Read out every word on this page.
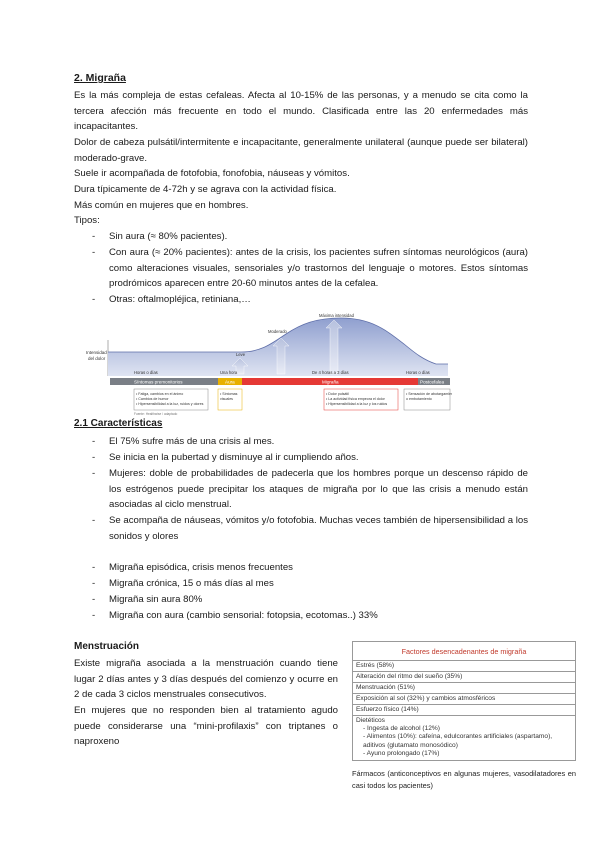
2. Migraña
Es la más compleja de estas cefaleas. Afecta al 10-15% de las personas, y a menudo se cita como la tercera afección más frecuente en todo el mundo. Clasificada entre las 20 enfermedades más incapacitantes.
Dolor de cabeza pulsátil/intermitente e incapacitante, generalmente unilateral (aunque puede ser bilateral) moderado-grave.
Suele ir acompañada de fotofobia, fonofobia, náuseas y vómitos.
Dura típicamente de 4-72h y se agrava con la actividad física.
Más común en mujeres que en hombres.
Tipos:
- Sin aura (≈ 80% pacientes).
- Con aura (≈ 20% pacientes): antes de la crisis, los pacientes sufren síntomas neurológicos (aura) como alteraciones visuales, sensoriales y/o trastornos del lenguaje o motores. Estos síntomas prodrómicos aparecen entre 20-60 minutos antes de la cefalea.
- Otras: oftalmopléjica, retiniana,…
Intensidad
del dolor
Fases de la migraña
Leve
Moderado
Máxima intensidad
Horas o días	Una hora	De 4 horas a 3 días	Horas o días
Síntomas premonitorios	Aura	Migraña	Postcefalea
• Fatiga, cambios en el ánimo
• Cambios de humor
• Hipersensibilidad a la luz, ruidos y olores
• Síntomas
visuales
• Dolor pulsátil
• La actividad física empeora el dolor
• Hipersensibilidad a la luz y los ruidos
• Sensación de abotargamiento
o embotamiento
Fuente: Healthwise / adaptado
2.1 Características
- El 75% sufre más de una crisis al mes.
- Se inicia en la pubertad y disminuye al ir cumpliendo años.
- Mujeres: doble de probabilidades de padecerla que los hombres porque un descenso rápido de los estrógenos puede precipitar los ataques de migraña por lo que las crisis a menudo están asociadas al ciclo menstrual.
- Se acompaña de náuseas, vómitos y/o fotofobia. Muchas veces también de hipersensibilidad a los sonidos y olores
- Migraña episódica, crisis menos frecuentes
- Migraña crónica, 15 o más días al mes
- Migraña sin aura 80%
- Migraña con aura (cambio sensorial: fotopsia, ecotomas..) 33%
Menstruación
Existe migraña asociada a la menstruación cuando tiene lugar 2 días antes y 3 días después del comienzo y ocurre en 2 de cada 3 ciclos menstruales consecutivos.
En mujeres que no responden bien al tratamiento agudo puede considerarse una “mini-profilaxis” con triptanes o naproxeno
Factores desencadenantes de migraña
Estrés (58%)
Alteración del ritmo del sueño (35%)
Menstruación (51%)
Exposición al sol (32%) y cambios atmosféricos
Esfuerzo físico (14%)
Dietéticos
- Ingesta de alcohol (12%)
- Alimentos (10%): cafeína, edulcorantes artificiales (aspartamo), aditivos (glutamato monosódico)
- Ayuno prolongado (17%)
Fármacos (anticonceptivos en algunas mujeres, vasodilatadores en casi todos los pacientes)
